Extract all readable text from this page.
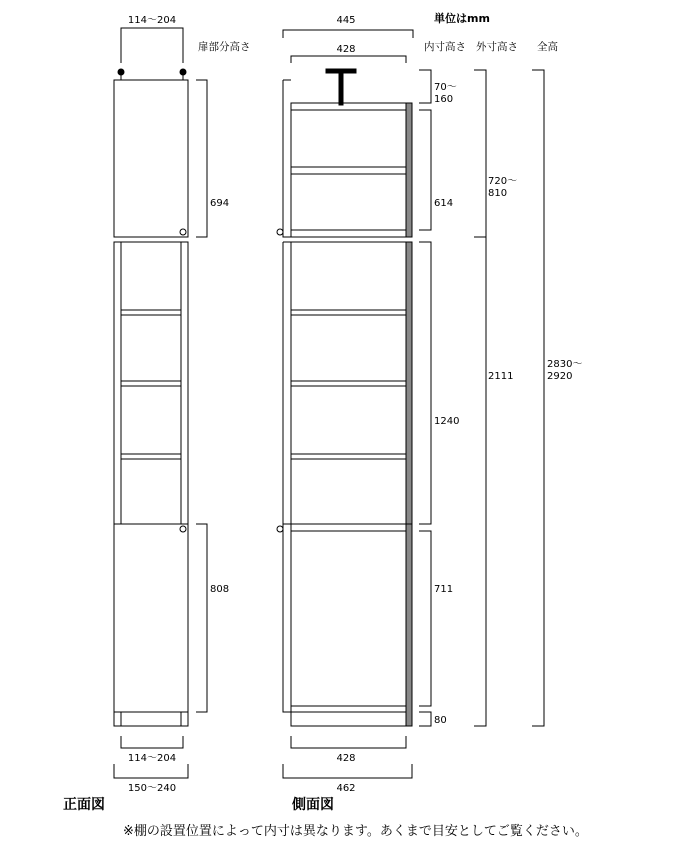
単位はmm
114〜204
扉部分高さ
694
808
114〜204
150〜240
正面図
445
428
428
462
側面図
内寸高さ 外寸高さ 全高
70〜
160
614
1240
711
80
720〜
810
2111
2830〜
2920
※棚の設置位置によって内寸は異なります。あくまで目安としてご覧ください。
